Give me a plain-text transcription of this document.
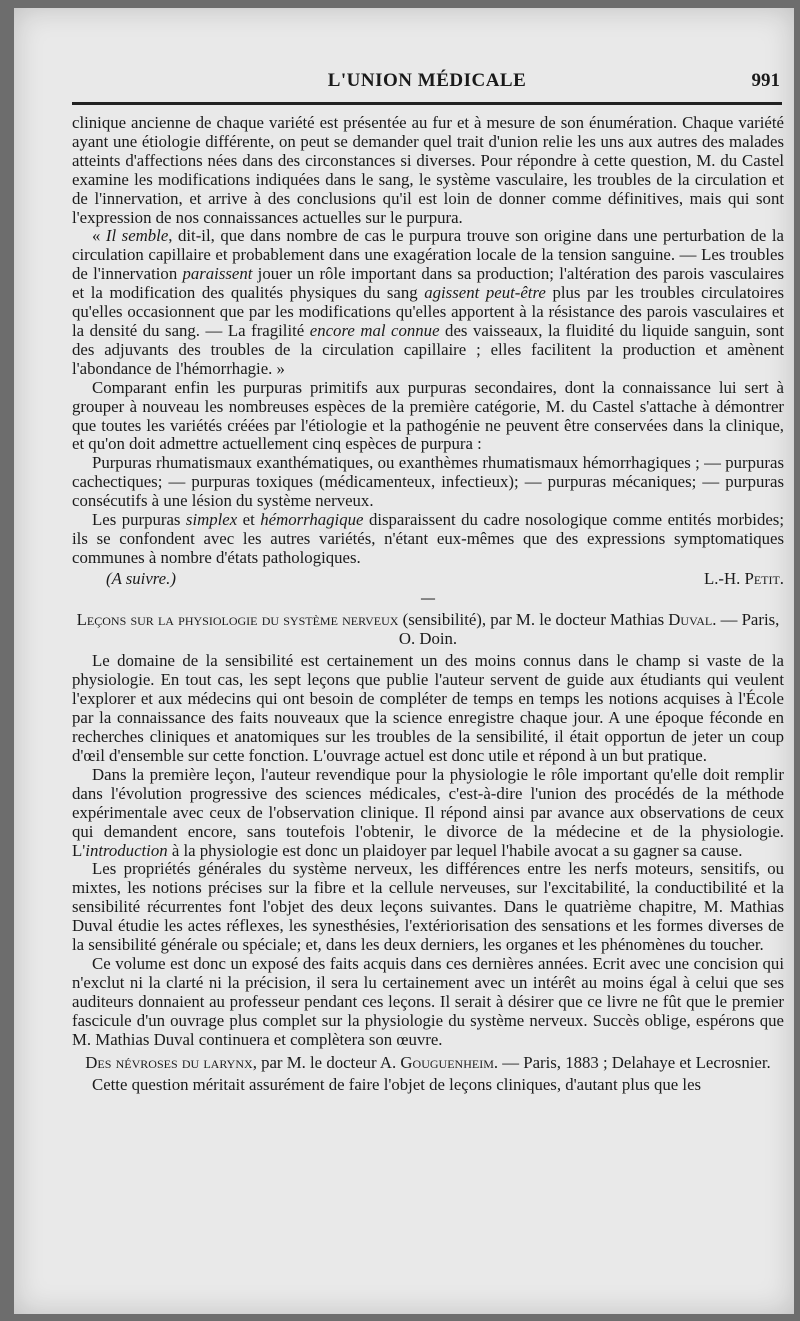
L'UNION MÉDICALE	991

clinique ancienne de chaque variété est présentée au fur et à mesure de son énumération. Chaque variété ayant une étiologie différente, on peut se demander quel trait d'union relie les uns aux autres des malades atteints d'affections nées dans des circonstances si diverses. Pour répondre à cette question, M. du Castel examine les modifications indiquées dans le sang, le système vasculaire, les troubles de la circulation et de l'innervation, et arrive à des conclusions qu'il est loin de donner comme définitives, mais qui sont l'expression de nos connaissances actuelles sur le purpura.

« Il semble, dit-il, que dans nombre de cas le purpura trouve son origine dans une perturbation de la circulation capillaire et probablement dans une exagération locale de la tension sanguine. — Les troubles de l'innervation paraissent jouer un rôle important dans sa production; l'altération des parois vasculaires et la modification des qualités physiques du sang agissent peut-être plus par les troubles circulatoires qu'elles occasionnent que par les modifications qu'elles apportent à la résistance des parois vasculaires et la densité du sang. — La fragilité encore mal connue des vaisseaux, la fluidité du liquide sanguin, sont des adjuvants des troubles de la circulation capillaire ; elles facilitent la production et amènent l'abondance de l'hémorrhagie. »

Comparant enfin les purpuras primitifs aux purpuras secondaires, dont la connaissance lui sert à grouper à nouveau les nombreuses espèces de la première catégorie, M. du Castel s'attache à démontrer que toutes les variétés créées par l'étiologie et la pathogénie ne peuvent être conservées dans la clinique, et qu'on doit admettre actuellement cinq espèces de purpura :

Purpuras rhumatismaux exanthématiques, ou exanthèmes rhumatismaux hémorrhagiques ; — purpuras cachectiques; — purpuras toxiques (médicamenteux, infectieux); — purpuras mécaniques; — purpuras consécutifs à une lésion du système nerveux.

Les purpuras simplex et hémorrhagique disparaissent du cadre nosologique comme entités morbides; ils se confondent avec les autres variétés, n'étant eux-mêmes que des expressions symptomatiques communes à nombre d'états pathologiques.

(A suivre.)	L.-H. Petit.
—
Leçons sur la physiologie du système nerveux (sensibilité), par M. le docteur Mathias Duval. — Paris, O. Doin.

Le domaine de la sensibilité est certainement un des moins connus dans le champ si vaste de la physiologie. En tout cas, les sept leçons que publie l'auteur servent de guide aux étudiants qui veulent l'explorer et aux médecins qui ont besoin de compléter de temps en temps les notions acquises à l'École par la connaissance des faits nouveaux que la science enregistre chaque jour. A une époque féconde en recherches cliniques et anatomiques sur les troubles de la sensibilité, il était opportun de jeter un coup d'œil d'ensemble sur cette fonction. L'ouvrage actuel est donc utile et répond à un but pratique.

Dans la première leçon, l'auteur revendique pour la physiologie le rôle important qu'elle doit remplir dans l'évolution progressive des sciences médicales, c'est-à-dire l'union des procédés de la méthode expérimentale avec ceux de l'observation clinique. Il répond ainsi par avance aux observations de ceux qui demandent encore, sans toutefois l'obtenir, le divorce de la médecine et de la physiologie. L'introduction à la physiologie est donc un plaidoyer par lequel l'habile avocat a su gagner sa cause.

Les propriétés générales du système nerveux, les différences entre les nerfs moteurs, sensitifs, ou mixtes, les notions précises sur la fibre et la cellule nerveuses, sur l'excitabilité, la conductibilité et la sensibilité récurrentes font l'objet des deux leçons suivantes. Dans le quatrième chapitre, M. Mathias Duval étudie les actes réflexes, les synesthésies, l'extériorisation des sensations et les formes diverses de la sensibilité générale ou spéciale; et, dans les deux derniers, les organes et les phénomènes du toucher.

Ce volume est donc un exposé des faits acquis dans ces dernières années. Ecrit avec une concision qui n'exclut ni la clarté ni la précision, il sera lu certainement avec un intérêt au moins égal à celui que ses auditeurs donnaient au professeur pendant ces leçons. Il serait à désirer que ce livre ne fût que le premier fascicule d'un ouvrage plus complet sur la physiologie du système nerveux. Succès oblige, espérons que M. Mathias Duval continuera et complètera son œuvre.

Des névroses du larynx, par M. le docteur A. Gouguenheim. — Paris, 1883 ; Delahaye et Lecrosnier.

Cette question méritait assurément de faire l'objet de leçons cliniques, d'autant plus que les
